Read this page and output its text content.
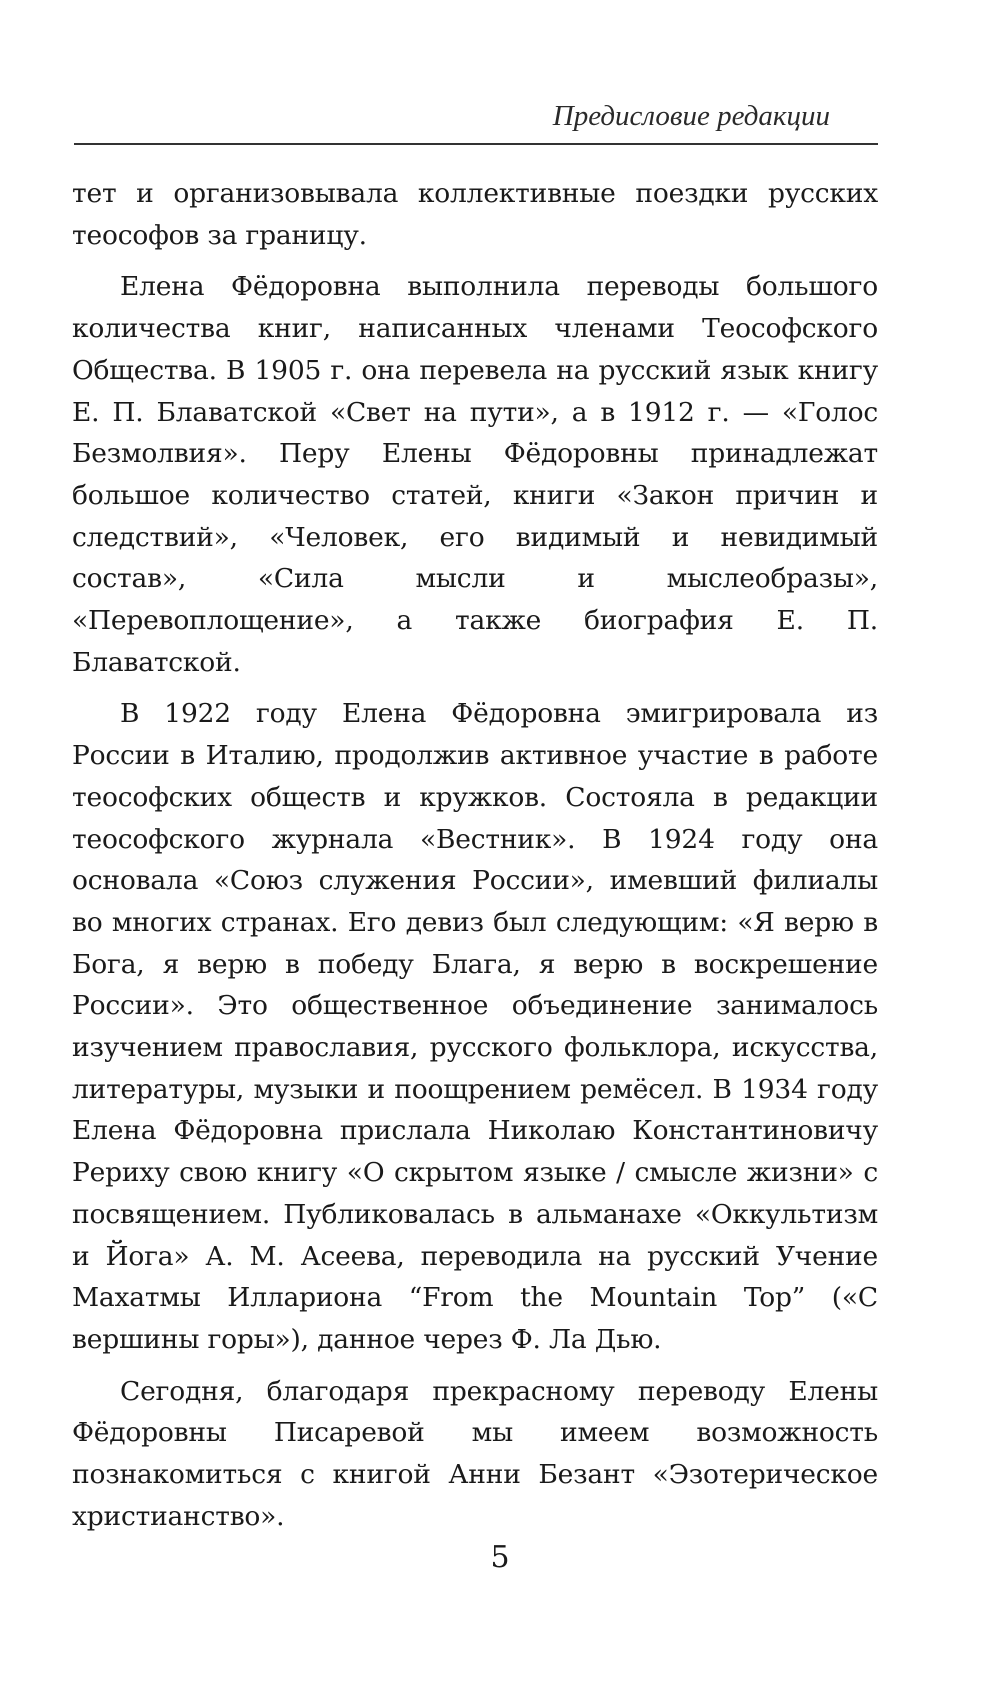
Предисловие редакции

тет и организовывала коллективные поездки русских теософов за границу.

Елена Фёдоровна выполнила переводы большого количества книг, написанных членами Теософского Общества. В 1905 г. она перевела на русский язык книгу Е. П. Блаватской «Свет на пути», а в 1912 г. — «Голос Безмолвия». Перу Елены Фёдоровны принадлежат большое количество статей, книги «Закон причин и следствий», «Человек, его видимый и невидимый состав», «Сила мысли и мыслеобразы», «Перевоплощение», а также биография Е. П. Блаватской.

В 1922 году Елена Фёдоровна эмигрировала из России в Италию, продолжив активное участие в работе теософских обществ и кружков. Состояла в редакции теософского журнала «Вестник». В 1924 году она основала «Союз служения России», имевший филиалы во многих странах. Его девиз был следующим: «Я верю в Бога, я верю в победу Блага, я верю в воскрешение России». Это общественное объединение занималось изучением православия, русского фольклора, искусства, литературы, музыки и поощрением ремёсел. В 1934 году Елена Фёдоровна прислала Николаю Константиновичу Рериху свою книгу «О скрытом языке / смысле жизни» с посвящением. Публиковалась в альманахе «Оккультизм и Йога» А. М. Асеева, переводила на русский Учение Махатмы Иллариона “From the Mountain Top” («С вершины горы»), данное через Ф. Ла Дью.

Сегодня, благодаря прекрасному переводу Елены Фёдоровны Писаревой мы имеем возможность познакомиться с книгой Анни Безант «Эзотерическое христианство».

5
